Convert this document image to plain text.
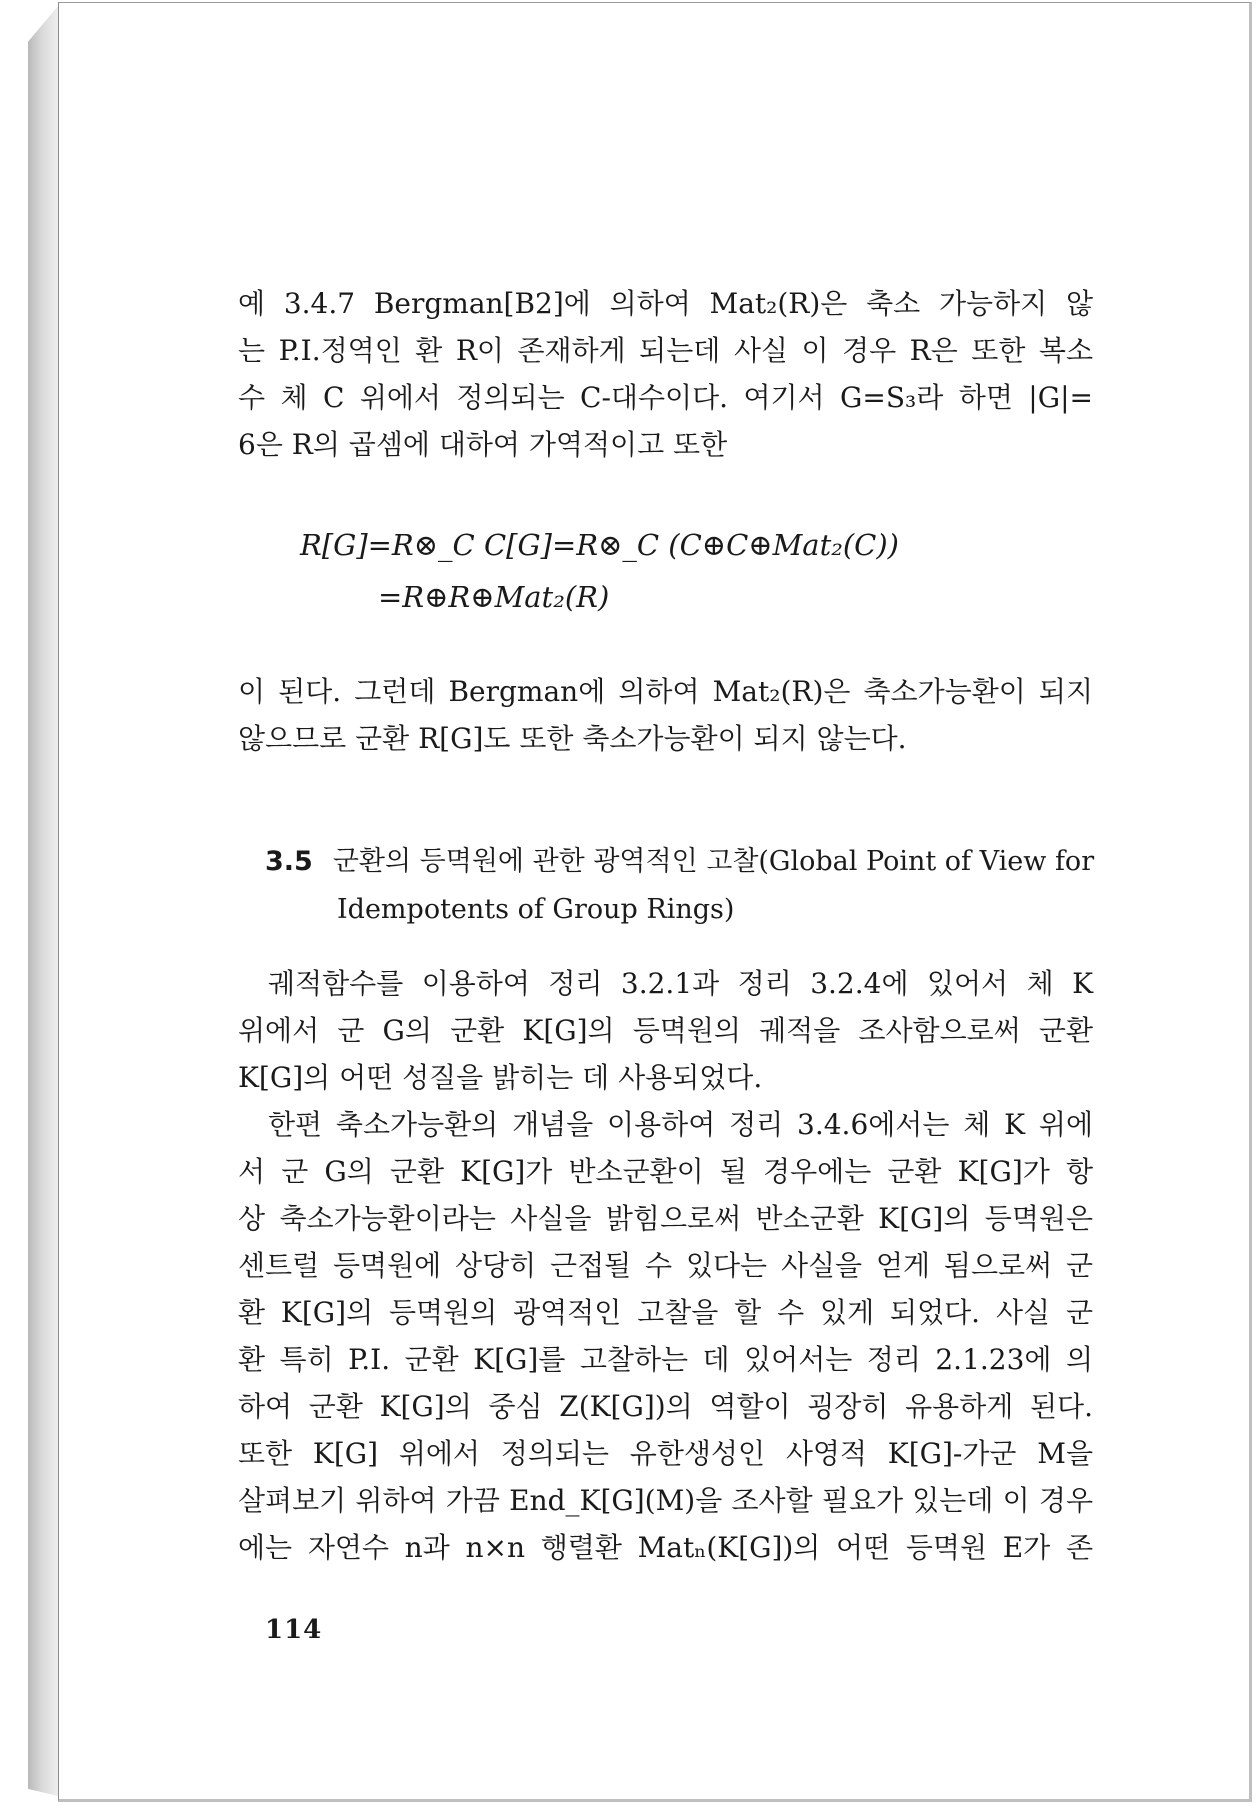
예 3.4.7 Bergman[B2]에 의하여 Mat₂(R)은 축소 가능하지 않

는 P.I.정역인 환 R이 존재하게 되는데 사실 이 경우 R은 또한 복소

수 체 C 위에서 정의되는 C-대수이다. 여기서 G=S₃라 하면 |G|=

6은 R의 곱셈에 대하여 가역적이고 또한

R[G]=R⊗_C C[G]=R⊗_C (C⊕C⊕Mat₂(C))
=R⊕R⊕Mat₂(R)

이 된다. 그런데 Bergman에 의하여 Mat₂(R)은 축소가능환이 되지

않으므로 군환 R[G]도 또한 축소가능환이 되지 않는다.

3.5 군환의 등멱원에 관한 광역적인 고찰(Global Point of View for
Idempotents of Group Rings)

궤적함수를 이용하여 정리 3.2.1과 정리 3.2.4에 있어서 체 K

위에서 군 G의 군환 K[G]의 등멱원의 궤적을 조사함으로써 군환

K[G]의 어떤 성질을 밝히는 데 사용되었다.

한편 축소가능환의 개념을 이용하여 정리 3.4.6에서는 체 K 위에

서 군 G의 군환 K[G]가 반소군환이 될 경우에는 군환 K[G]가 항

상 축소가능환이라는 사실을 밝힘으로써 반소군환 K[G]의 등멱원은

센트럴 등멱원에 상당히 근접될 수 있다는 사실을 얻게 됨으로써 군

환 K[G]의 등멱원의 광역적인 고찰을 할 수 있게 되었다. 사실 군

환 특히 P.I. 군환 K[G]를 고찰하는 데 있어서는 정리 2.1.23에 의

하여 군환 K[G]의 중심 Z(K[G])의 역할이 굉장히 유용하게 된다.

또한 K[G] 위에서 정의되는 유한생성인 사영적 K[G]-가군 M을

살펴보기 위하여 가끔 End_K[G](M)을 조사할 필요가 있는데 이 경우

에는 자연수 n과 n×n 행렬환 Matₙ(K[G])의 어떤 등멱원 E가 존

114
